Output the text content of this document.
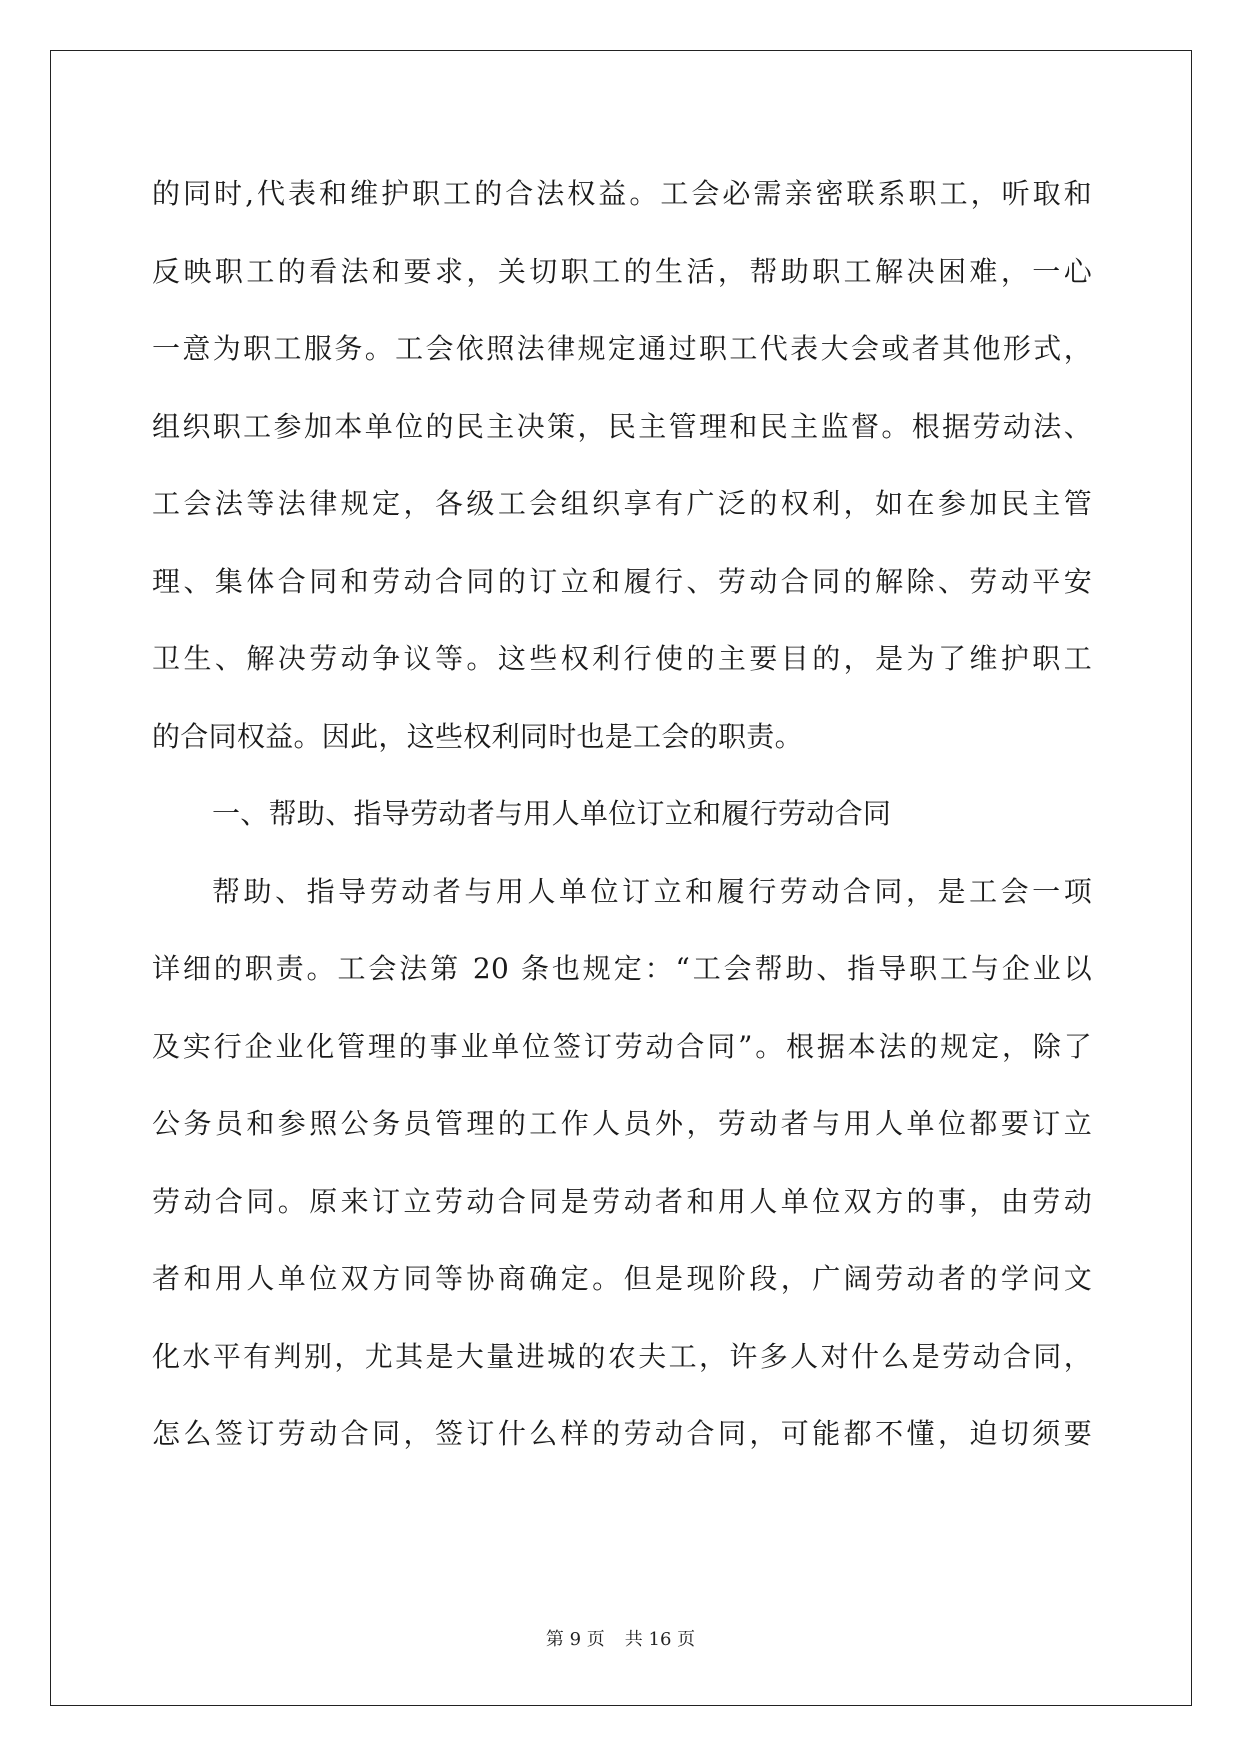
的同时,代表和维护职工的合法权益。工会必需亲密联系职工，听取和
反映职工的看法和要求，关切职工的生活，帮助职工解决困难，一心
一意为职工服务。工会依照法律规定通过职工代表大会或者其他形式，
组织职工参加本单位的民主决策，民主管理和民主监督。根据劳动法、
工会法等法律规定，各级工会组织享有广泛的权利，如在参加民主管
理、集体合同和劳动合同的订立和履行、劳动合同的解除、劳动平安
卫生、解决劳动争议等。这些权利行使的主要目的，是为了维护职工
的合同权益。因此，这些权利同时也是工会的职责。
一、帮助、指导劳动者与用人单位订立和履行劳动合同
帮助、指导劳动者与用人单位订立和履行劳动合同，是工会一项
详细的职责。工会法第 20 条也规定：“工会帮助、指导职工与企业以
及实行企业化管理的事业单位签订劳动合同”。根据本法的规定，除了
公务员和参照公务员管理的工作人员外，劳动者与用人单位都要订立
劳动合同。原来订立劳动合同是劳动者和用人单位双方的事，由劳动
者和用人单位双方同等协商确定。但是现阶段，广阔劳动者的学问文
化水平有判别，尤其是大量进城的农夫工，许多人对什么是劳动合同，
怎么签订劳动合同，签订什么样的劳动合同，可能都不懂，迫切须要
第 9 页 共 16 页
